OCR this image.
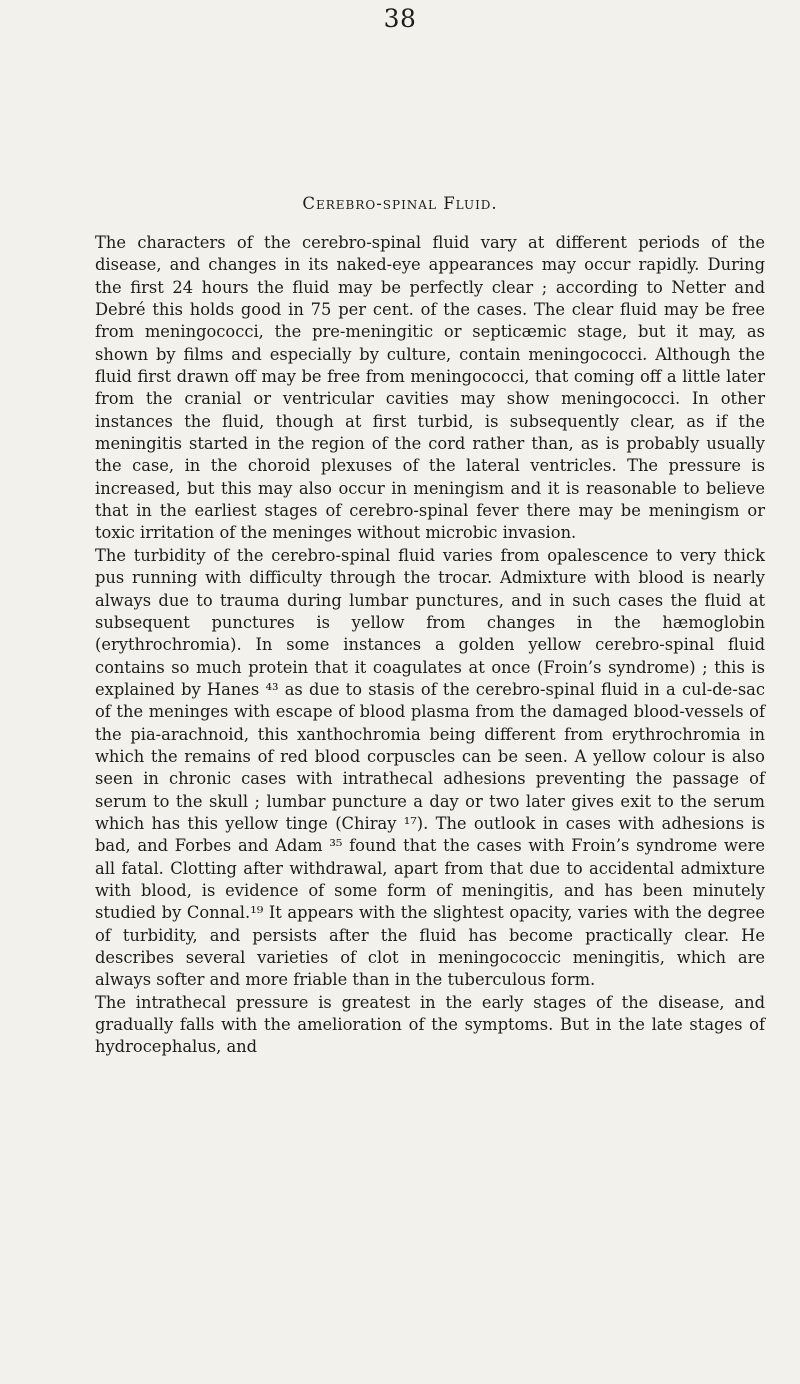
38
Cerebro-spinal Fluid.

The characters of the cerebro-spinal fluid vary at different periods of the disease, and changes in its naked-eye appearances may occur rapidly. During the first 24 hours the fluid may be perfectly clear ; according to Netter and Debré this holds good in 75 per cent. of the cases. The clear fluid may be free from meningococci, the pre-meningitic or septicæmic stage, but it may, as shown by films and especially by culture, contain meningococci. Although the fluid first drawn off may be free from meningococci, that coming off a little later from the cranial or ventricular cavities may show meningococci. In other instances the fluid, though at first turbid, is subsequently clear, as if the meningitis started in the region of the cord rather than, as is probably usually the case, in the choroid plexuses of the lateral ventricles. The pressure is increased, but this may also occur in meningism and it is reasonable to believe that in the earliest stages of cerebro-spinal fever there may be meningism or toxic irritation of the meninges without microbic invasion.

The turbidity of the cerebro-spinal fluid varies from opalescence to very thick pus running with difficulty through the trocar. Admixture with blood is nearly always due to trauma during lumbar punctures, and in such cases the fluid at subsequent punctures is yellow from changes in the hæmoglobin (erythrochromia). In some instances a golden yellow cerebro-spinal fluid contains so much protein that it coagulates at once (Froin’s syndrome) ; this is explained by Hanes ⁴³ as due to stasis of the cerebro-spinal fluid in a cul-de-sac of the meninges with escape of blood plasma from the damaged blood-vessels of the pia-arachnoid, this xanthochromia being different from erythrochromia in which the remains of red blood corpuscles can be seen. A yellow colour is also seen in chronic cases with intrathecal adhesions preventing the passage of serum to the skull ; lumbar puncture a day or two later gives exit to the serum which has this yellow tinge (Chiray ¹⁷). The outlook in cases with adhesions is bad, and Forbes and Adam ³⁵ found that the cases with Froin’s syndrome were all fatal. Clotting after withdrawal, apart from that due to accidental admixture with blood, is evidence of some form of meningitis, and has been minutely studied by Connal.¹⁹ It appears with the slightest opacity, varies with the degree of turbidity, and persists after the fluid has become practically clear. He describes several varieties of clot in meningococcic meningitis, which are always softer and more friable than in the tuberculous form.

The intrathecal pressure is greatest in the early stages of the disease, and gradually falls with the amelioration of the symptoms. But in the late stages of hydrocephalus, and
